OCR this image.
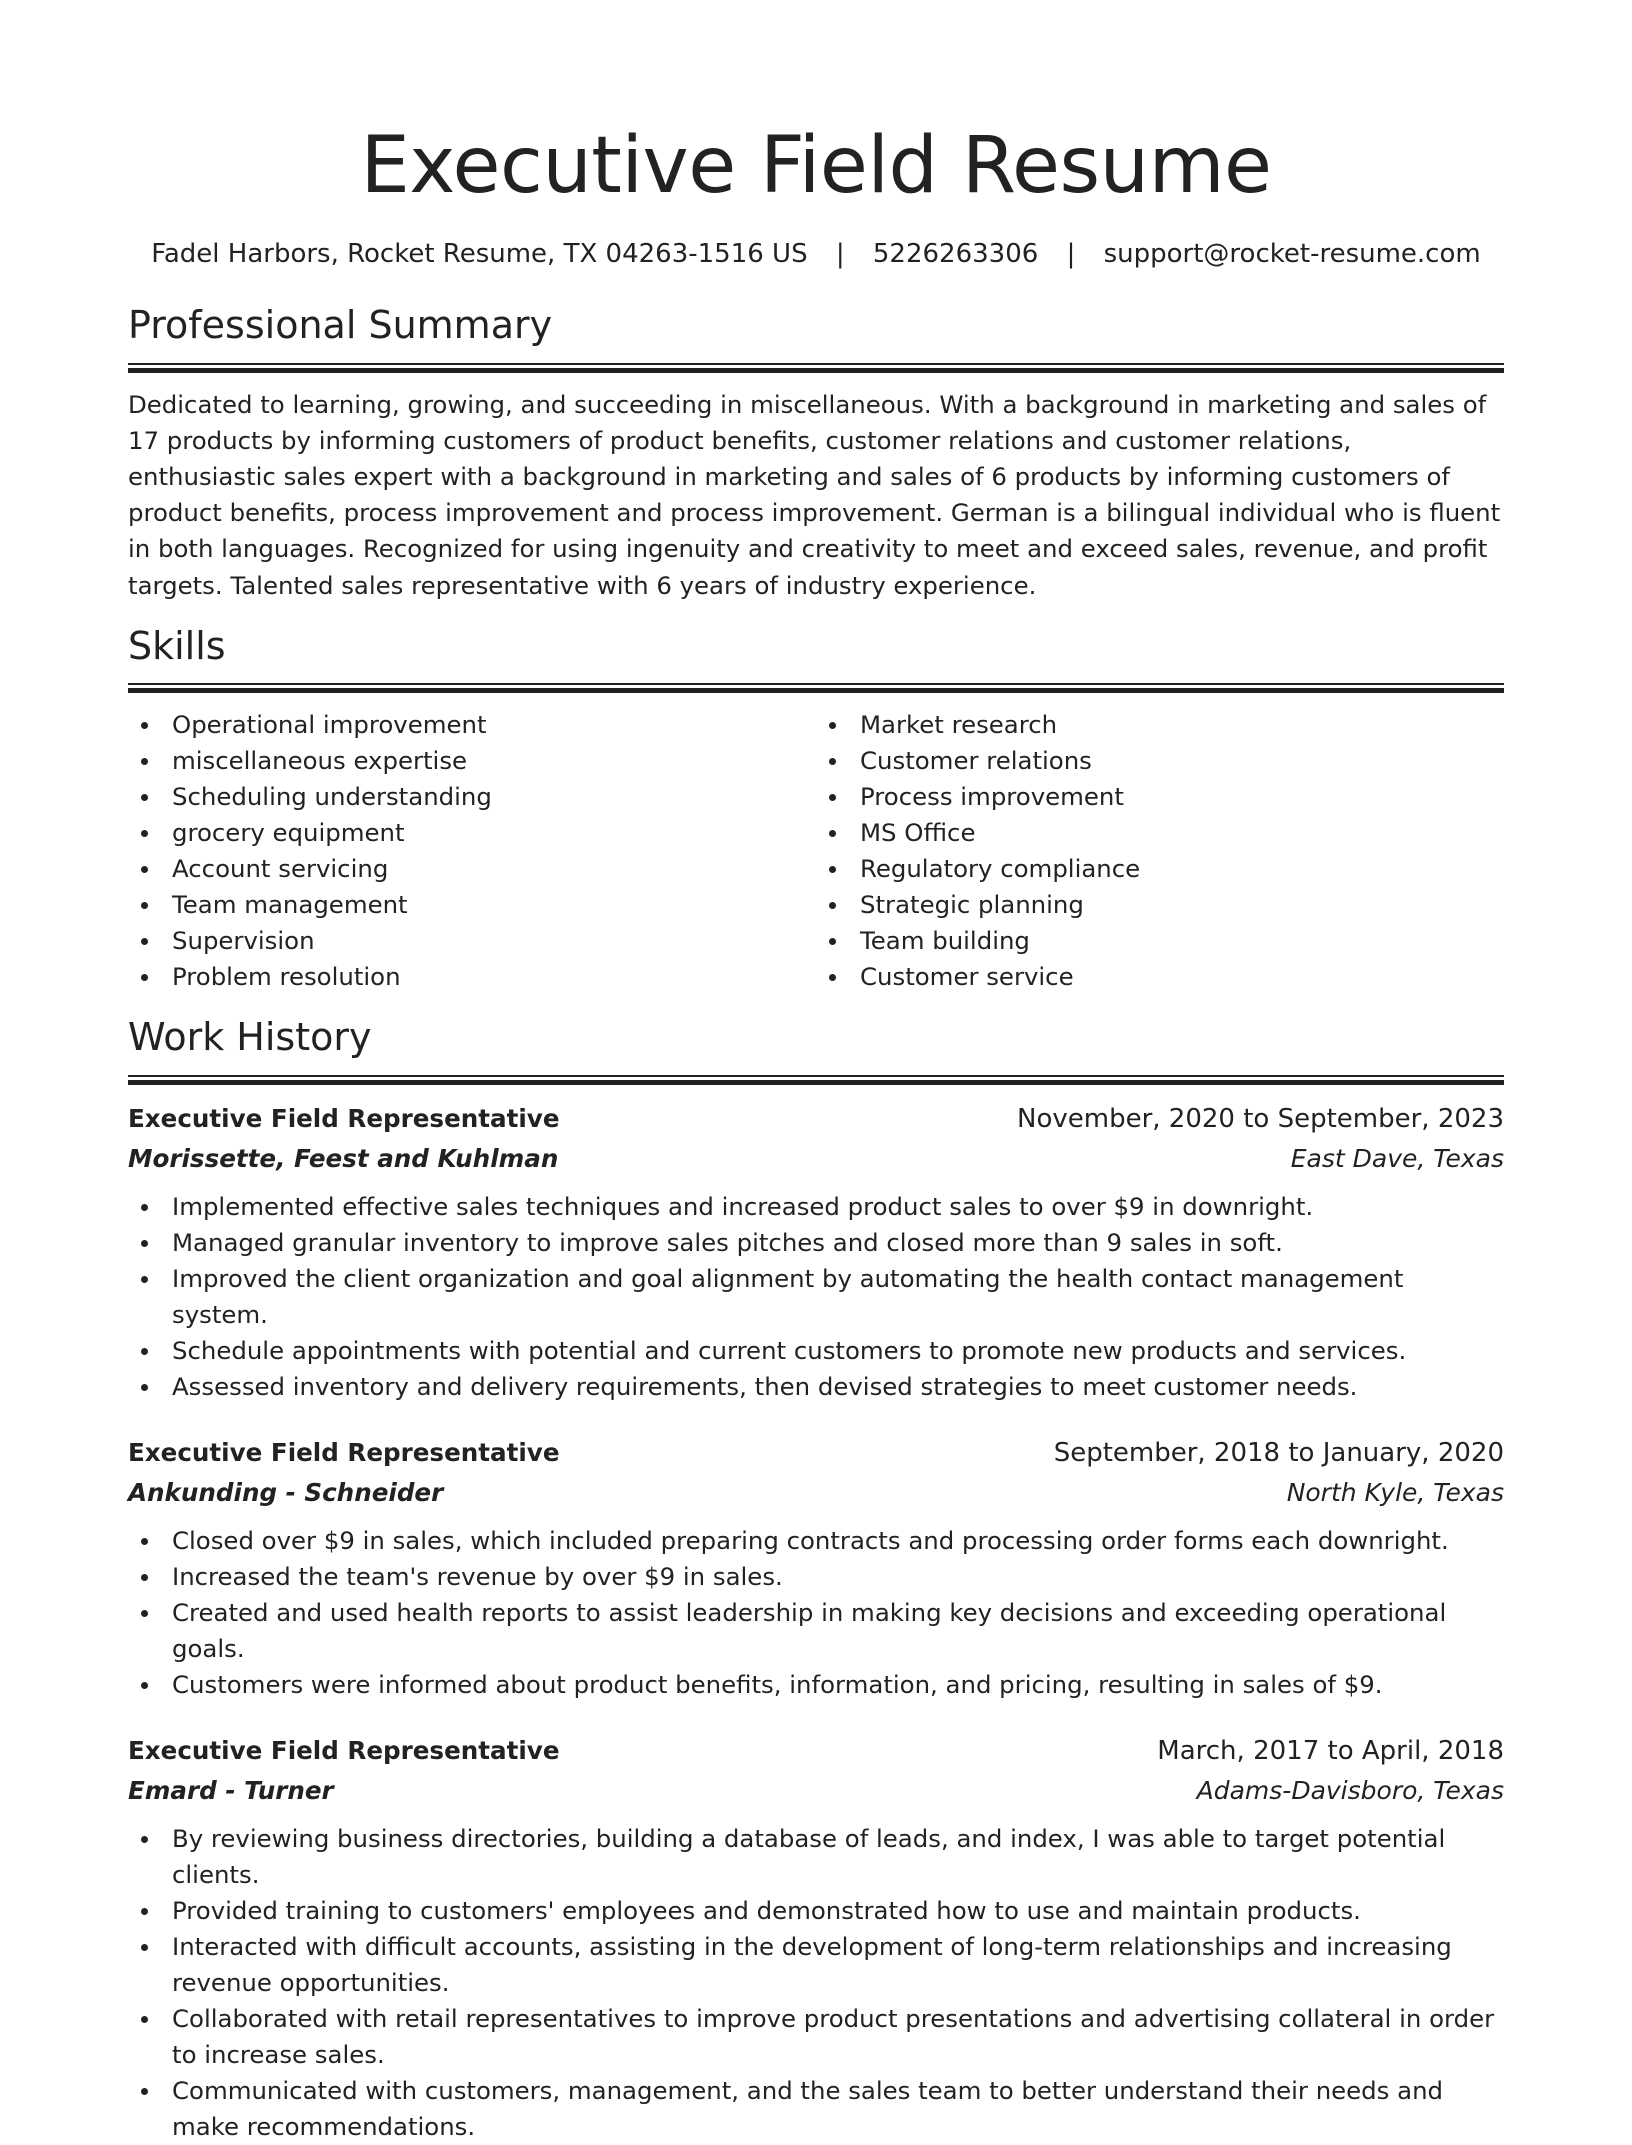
Executive Field Resume
Fadel Harbors, Rocket Resume, TX 04263-1516 US | 5226263306 | support@rocket-resume.com
Professional Summary

Dedicated to learning, growing, and succeeding in miscellaneous. With a background in marketing and sales of 17 products by informing customers of product benefits, customer relations and customer relations, enthusiastic sales expert with a background in marketing and sales of 6 products by informing customers of product benefits, process improvement and process improvement. German is a bilingual individual who is fluent in both languages. Recognized for using ingenuity and creativity to meet and exceed sales, revenue, and profit targets. Talented sales representative with 6 years of industry experience.

Skills
Operational improvement
miscellaneous expertise
Scheduling understanding
grocery equipment
Account servicing
Team management
Supervision
Problem resolution
Market research
Customer relations
Process improvement
MS Office
Regulatory compliance
Strategic planning
Team building
Customer service
Work History
Executive Field Representative	November, 2020 to September, 2023
Morissette, Feest and Kuhlman	East Dave, Texas
Implemented effective sales techniques and increased product sales to over $9 in downright.
Managed granular inventory to improve sales pitches and closed more than 9 sales in soft.
Improved the client organization and goal alignment by automating the health contact management system.
Schedule appointments with potential and current customers to promote new products and services.
Assessed inventory and delivery requirements, then devised strategies to meet customer needs.
Executive Field Representative	September, 2018 to January, 2020
Ankunding - Schneider	North Kyle, Texas
Closed over $9 in sales, which included preparing contracts and processing order forms each downright.
Increased the team's revenue by over $9 in sales.
Created and used health reports to assist leadership in making key decisions and exceeding operational goals.
Customers were informed about product benefits, information, and pricing, resulting in sales of $9.
Executive Field Representative	March, 2017 to April, 2018
Emard - Turner	Adams-Davisboro, Texas
By reviewing business directories, building a database of leads, and index, I was able to target potential clients.
Provided training to customers' employees and demonstrated how to use and maintain products.
Interacted with difficult accounts, assisting in the development of long-term relationships and increasing revenue opportunities.
Collaborated with retail representatives to improve product presentations and advertising collateral in order to increase sales.
Communicated with customers, management, and the sales team to better understand their needs and make recommendations.
